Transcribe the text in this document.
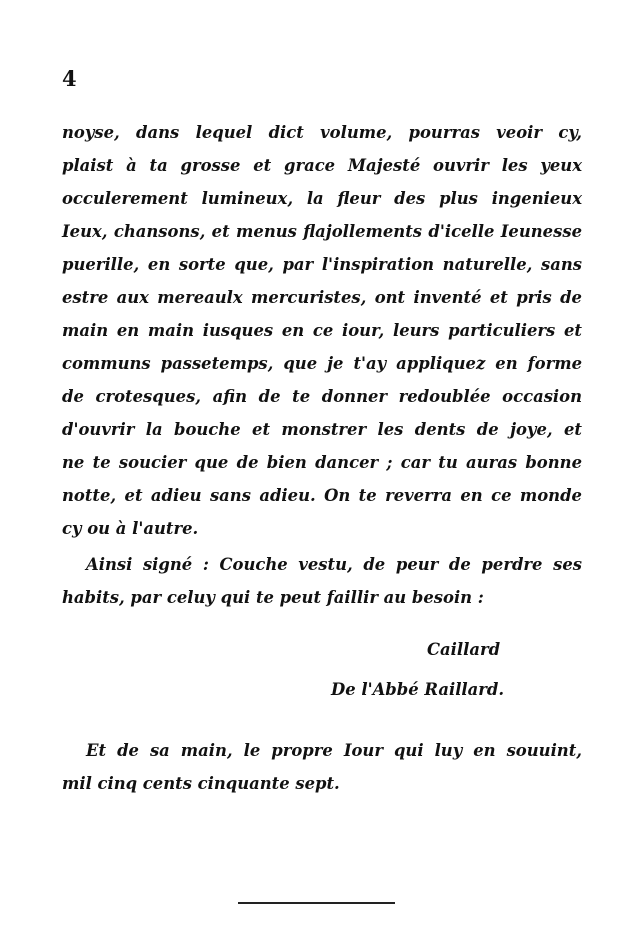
4
noyse, dans lequel dict volume, pourras veoir cy,
plaist à ta grosse et grace Majesté ouvrir les yeux
occulerement lumineux, la fleur des plus ingenieux
Ieux, chansons, et menus flajollements d'icelle Ieunesse
puerille, en sorte que, par l'inspiration naturelle, sans
estre aux mereaulx mercuristes, ont inventé et pris de
main en main iusques en ce iour, leurs particuliers et
communs passetemps, que je t'ay appliquez en forme
de crotesques, afin de te donner redoublée occasion
d'ouvrir la bouche et monstrer les dents de joye, et
ne te soucier que de bien dancer ; car tu auras bonne
notte, et adieu sans adieu. On te reverra en ce monde
cy ou à l'autre.
Ainsi signé : Couche vestu, de peur de perdre ses
habits, par celuy qui te peut faillir au besoin :
Caillard
De l'Abbé Raillard.
Et de sa main, le propre Iour qui luy en souuint,
mil cinq cents cinquante sept.
